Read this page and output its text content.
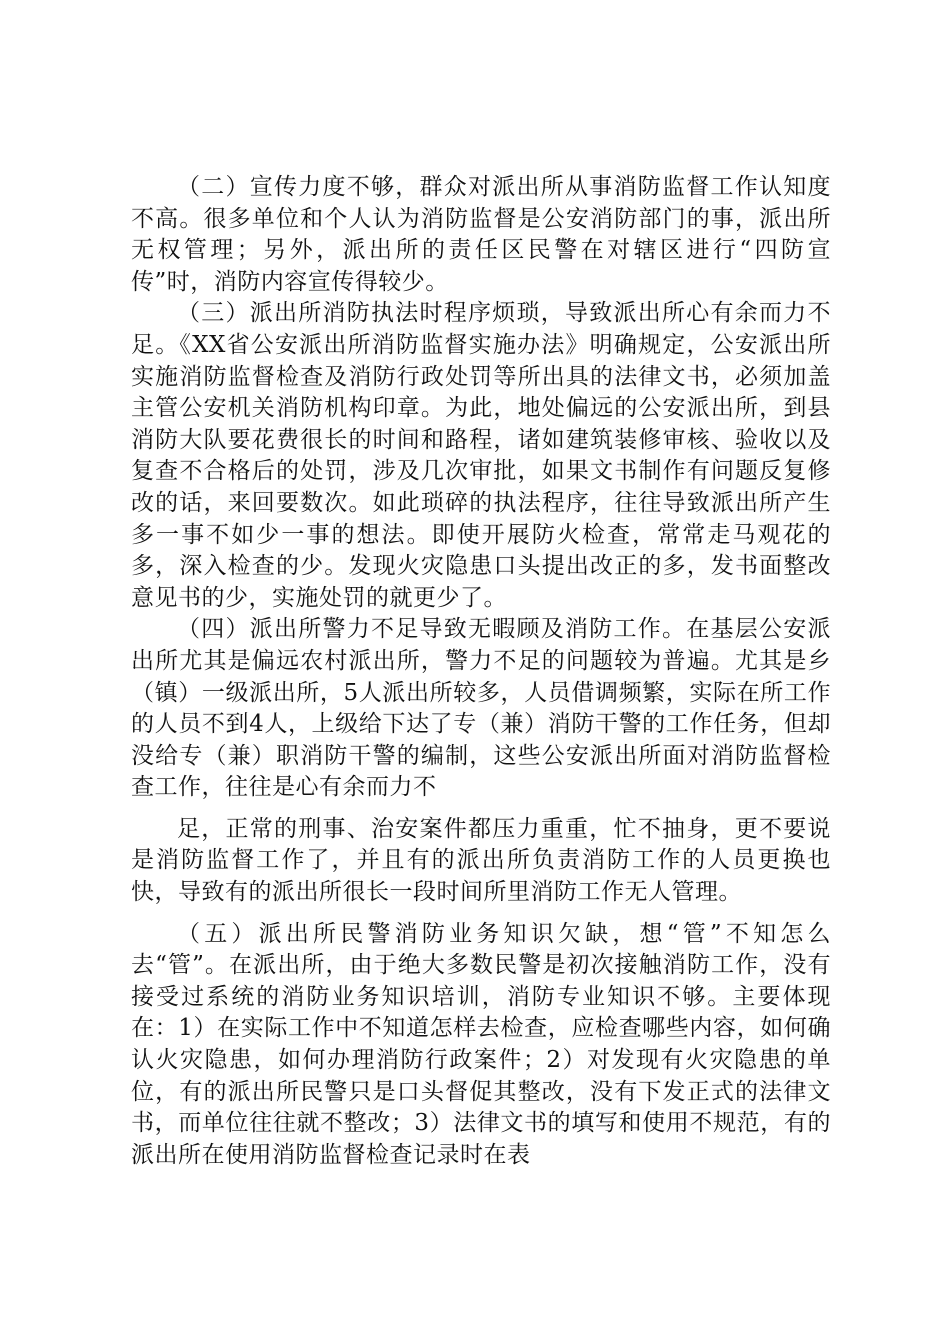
（二）宣传力度不够，群众对派出所从事消防监督工作认知度不高。很多单位和个人认为消防监督是公安消防部门的事，派出所无权管理；另外，派出所的责任区民警在对辖区进行“四防宣传”时，消防内容宣传得较少。

（三）派出所消防执法时程序烦琐，导致派出所心有余而力不足。《XX省公安派出所消防监督实施办法》明确规定，公安派出所实施消防监督检查及消防行政处罚等所出具的法律文书，必须加盖主管公安机关消防机构印章。为此，地处偏远的公安派出所，到县消防大队要花费很长的时间和路程，诸如建筑装修审核、验收以及复查不合格后的处罚，涉及几次审批，如果文书制作有问题反复修改的话，来回要数次。如此琐碎的执法程序，往往导致派出所产生多一事不如少一事的想法。即使开展防火检查，常常走马观花的多，深入检查的少。发现火灾隐患口头提出改正的多，发书面整改意见书的少，实施处罚的就更少了。

（四）派出所警力不足导致无暇顾及消防工作。在基层公安派出所尤其是偏远农村派出所，警力不足的问题较为普遍。尤其是乡（镇）一级派出所，5人派出所较多，人员借调频繁，实际在所工作的人员不到4人，上级给下达了专（兼）消防干警的工作任务，但却没给专（兼）职消防干警的编制，这些公安派出所面对消防监督检查工作，往往是心有余而力不

足，正常的刑事、治安案件都压力重重，忙不抽身，更不要说是消防监督工作了，并且有的派出所负责消防工作的人员更换也快，导致有的派出所很长一段时间所里消防工作无人管理。

（五）派出所民警消防业务知识欠缺，想“管”不知怎么去“管”。在派出所，由于绝大多数民警是初次接触消防工作，没有接受过系统的消防业务知识培训，消防专业知识不够。主要体现在：1）在实际工作中不知道怎样去检查，应检查哪些内容，如何确认火灾隐患，如何办理消防行政案件；2）对发现有火灾隐患的单位，有的派出所民警只是口头督促其整改，没有下发正式的法律文书，而单位往往就不整改；3）法律文书的填写和使用不规范，有的派出所在使用消防监督检查记录时在表
